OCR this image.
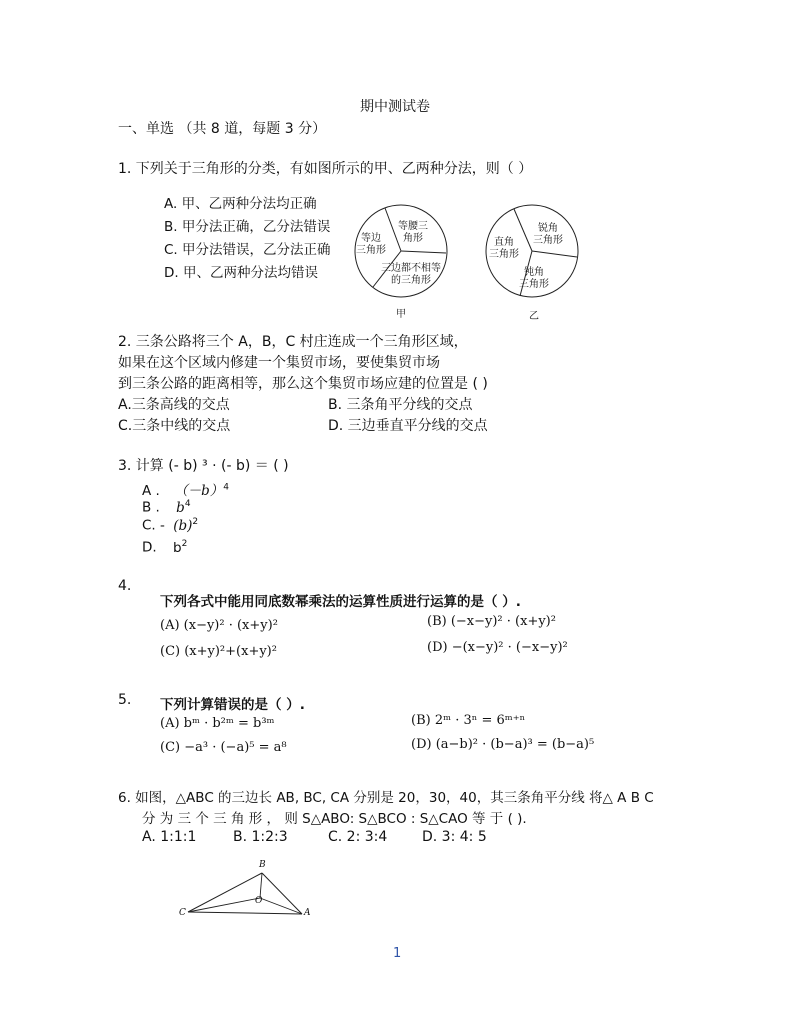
期中测试卷
一、单选 （共 8 道，每题 3 分）
1. 下列关于三角形的分类，有如图所示的甲、乙两种分法，则（ ）
A. 甲、乙两种分法均正确
B. 甲分法正确，乙分法错误
C. 甲分法错误，乙分法正确
D. 甲、乙两种分法均错误
等边
三角形
等腰三
角形
三边都不相等
的三角形
甲
直角
三角形
锐角
三角形
钝角
三角形
乙
2. 三条公路将三个 A，B，C 村庄连成一个三角形区域，
如果在这个区域内修建一个集贸市场，要使集贸市场
到三条公路的距离相等，那么这个集贸市场应建的位置是 ( )
A.三条高线的交点	B. 三条角平分线的交点
C.三条中线的交点	D. 三边垂直平分线的交点
3. 计算 (- b) ³ · (- b) ＝ ( )
A . $(-b)^4$
B . $b^4$
C. - $(b)^2$
D. $b^2$
4.
下列各式中能用同底数幂乘法的运算性质进行运算的是（ ）.
(A) (x−y)² · (x+y)²	(B) (−x−y)² · (x+y)²
(C) (x+y)²+(x+y)²	(D) −(x−y)² · (−x−y)²
5. 下列计算错误的是（ ）.
(A) bᵐ · b²ᵐ = b³ᵐ	(B) 2ᵐ · 3ⁿ = 6ᵐ⁺ⁿ
(C) −a³ · (−a)⁵ = a⁸	(D) (a−b)² · (b−a)³ = (b−a)⁵
6. 如图，△ABC 的三边长 AB, BC, CA 分别是 20，30，40，其三条角平分线 将△ A B C
分 为 三 个 三 角 形 ， 则 S△ABO: S△BCO : S△CAO 等 于 ( ).
A. 1:1:1	B. 1:2:3	C. 2: 3:4 D. 3: 4: 5
B
O
C	A
1
